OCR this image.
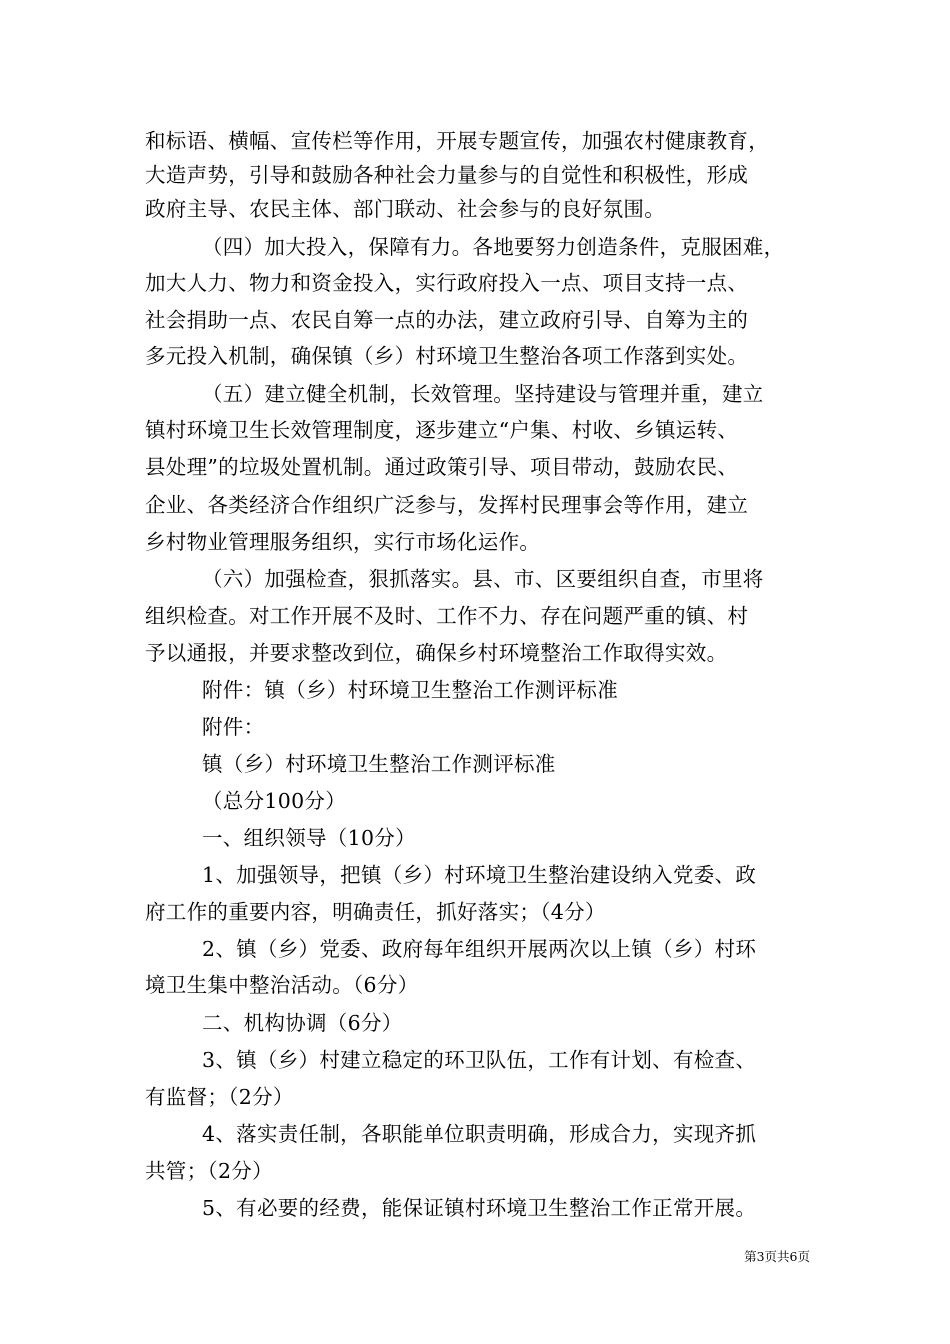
和标语、横幅、宣传栏等作用，开展专题宣传，加强农村健康教育，
大造声势，引导和鼓励各种社会力量参与的自觉性和积极性，形成
政府主导、农民主体、部门联动、社会参与的良好氛围。
（四）加大投入，保障有力。各地要努力创造条件，克服困难，
加大人力、物力和资金投入，实行政府投入一点、项目支持一点、
社会捐助一点、农民自筹一点的办法，建立政府引导、自筹为主的
多元投入机制，确保镇（乡）村环境卫生整治各项工作落到实处。
（五）建立健全机制，长效管理。坚持建设与管理并重，建立
镇村环境卫生长效管理制度，逐步建立“户集、村收、乡镇运转、
县处理”的垃圾处置机制。通过政策引导、项目带动，鼓励农民、
企业、各类经济合作组织广泛参与，发挥村民理事会等作用，建立
乡村物业管理服务组织，实行市场化运作。
（六）加强检查，狠抓落实。县、市、区要组织自查，市里将
组织检查。对工作开展不及时、工作不力、存在问题严重的镇、村
予以通报，并要求整改到位，确保乡村环境整治工作取得实效。
附件：镇（乡）村环境卫生整治工作测评标准
附件：
镇（乡）村环境卫生整治工作测评标准
（总分100分）
一、组织领导（10分）
1、加强领导，把镇（乡）村环境卫生整治建设纳入党委、政
府工作的重要内容，明确责任，抓好落实；（4分）
2、镇（乡）党委、政府每年组织开展两次以上镇（乡）村环
境卫生集中整治活动。（6分）
二、机构协调（6分）
3、镇（乡）村建立稳定的环卫队伍，工作有计划、有检查、
有监督；（2分）
4、落实责任制，各职能单位职责明确，形成合力，实现齐抓
共管；（2分）
5、有必要的经费，能保证镇村环境卫生整治工作正常开展。
第3页共6页
